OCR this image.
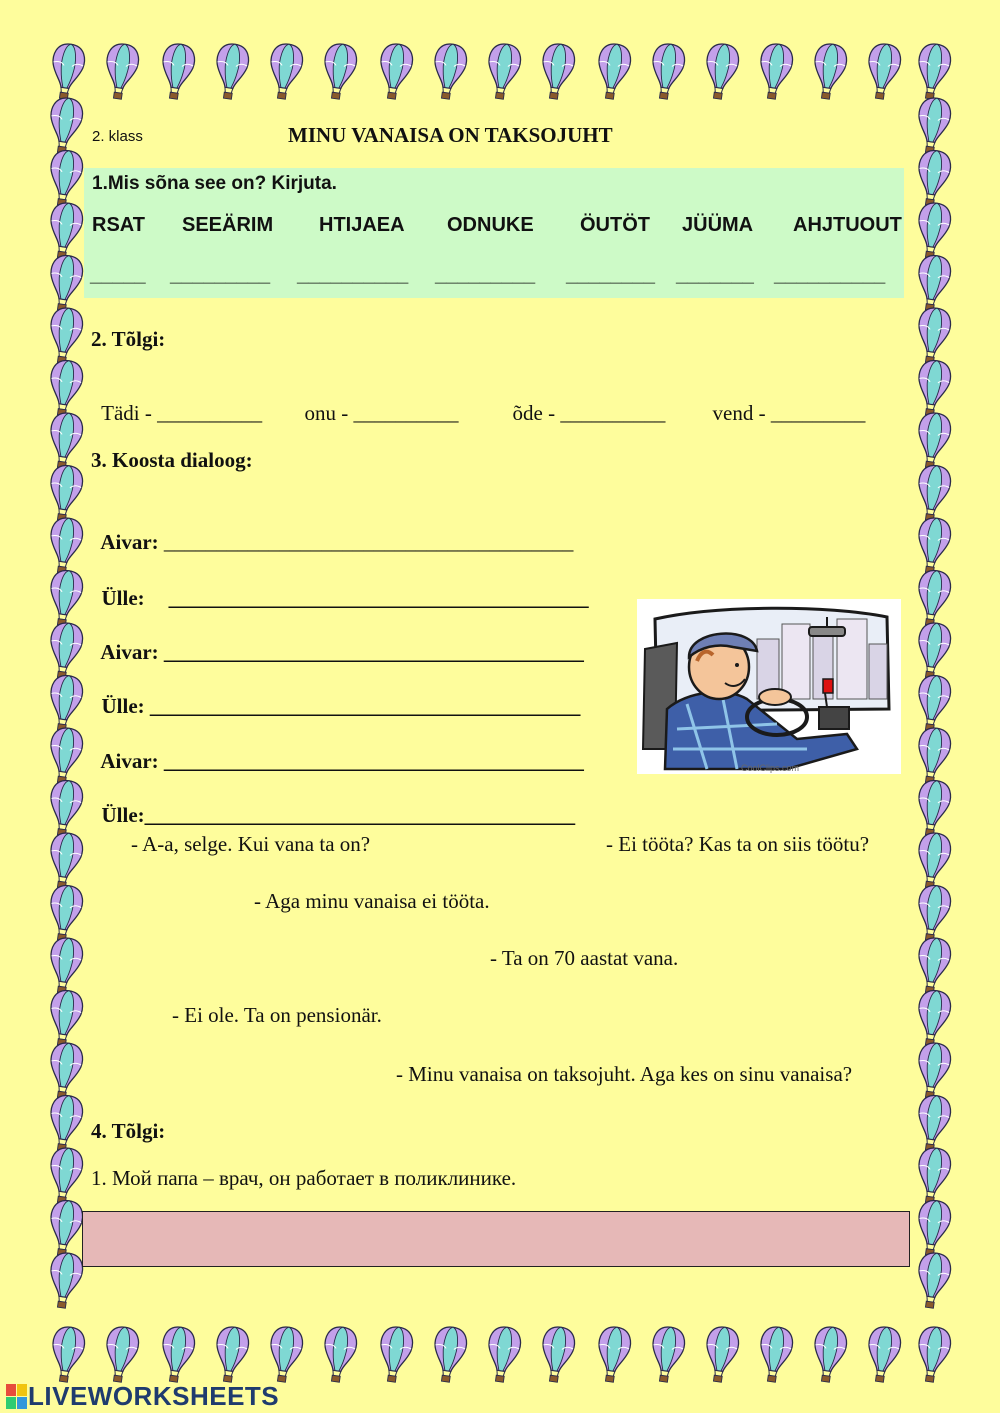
2. klass	MINU VANAISA ON TAKSOJUHT
1.Mis sõna see on? Kirjuta.
RSAT SEEÄRIM HTIJAEA ODNUKE ÖUTÖT JÜÜMA AHJTUOUT
_____ _________ __________ _________ ________ _______ __________
2. Tõlgi:

Tädi - __________	onu - __________	õde - __________	vend - _________

3. Koosta dialoog:

Aivar: _______________________________________

Ülle: ________________________________________

Aivar: ________________________________________

Ülle: _________________________________________

Aivar: ________________________________________

Ülle:_________________________________________

CoolClips.com
- A-a, selge. Kui vana ta on?	- Ei tööta? Kas ta on siis töötu?
- Aga minu vanaisa ei tööta.
- Ta on 70 aastat vana.
- Ei ole. Ta on pensionär.
- Minu vanaisa on taksojuht. Aga kes on sinu vanaisa?
4. Tõlgi:
1. Мой папа – врач, он работает в поликлинике.
LIVEWORKSHEETS
